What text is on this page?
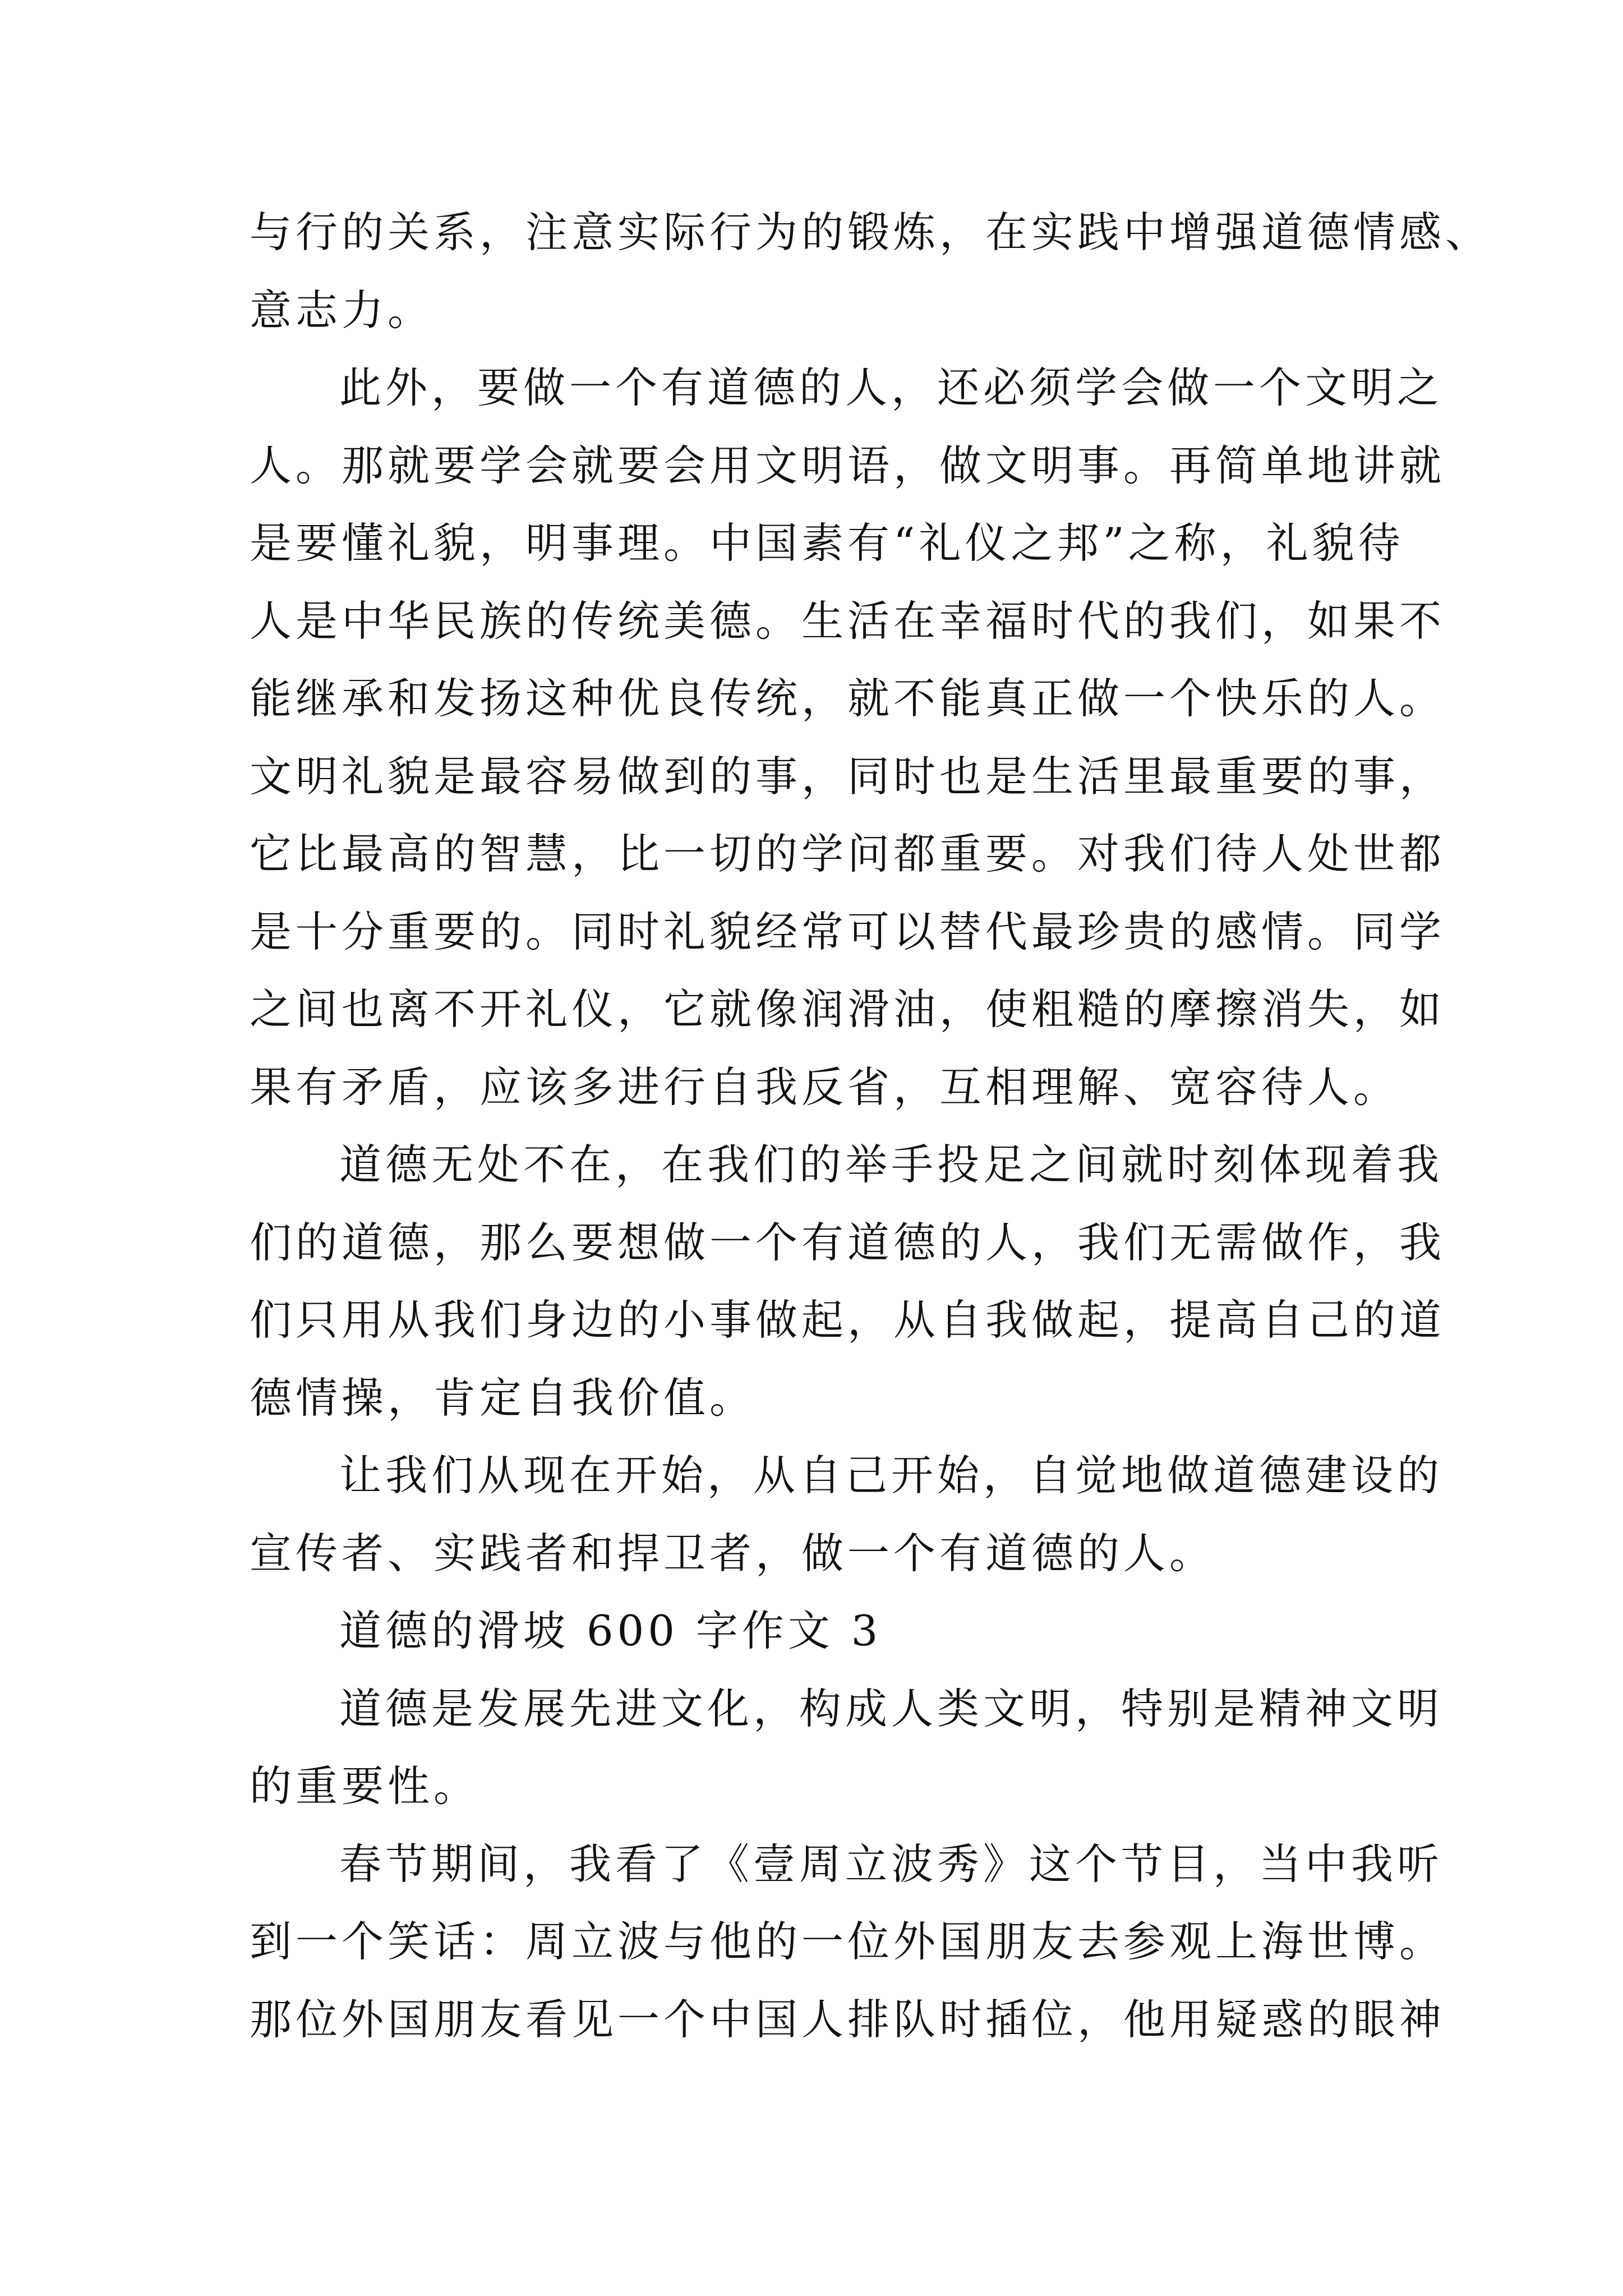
与行的关系，注意实际行为的锻炼，在实践中增强道德情感、
意志力。
此外，要做一个有道德的人，还必须学会做一个文明之
人。那就要学会就要会用文明语，做文明事。再简单地讲就
是要懂礼貌，明事理。中国素有“礼仪之邦”之称，礼貌待
人是中华民族的传统美德。生活在幸福时代的我们，如果不
能继承和发扬这种优良传统，就不能真正做一个快乐的人。
文明礼貌是最容易做到的事，同时也是生活里最重要的事，
它比最高的智慧，比一切的学问都重要。对我们待人处世都
是十分重要的。同时礼貌经常可以替代最珍贵的感情。同学
之间也离不开礼仪，它就像润滑油，使粗糙的摩擦消失，如
果有矛盾，应该多进行自我反省，互相理解、宽容待人。
道德无处不在，在我们的举手投足之间就时刻体现着我
们的道德，那么要想做一个有道德的人，我们无需做作，我
们只用从我们身边的小事做起，从自我做起，提高自己的道
德情操，肯定自我价值。
让我们从现在开始，从自己开始，自觉地做道德建设的
宣传者、实践者和捍卫者，做一个有道德的人。
道德的滑坡 600 字作文 3
道德是发展先进文化，构成人类文明，特别是精神文明
的重要性。
春节期间，我看了《壹周立波秀》这个节目，当中我听
到一个笑话：周立波与他的一位外国朋友去参观上海世博。
那位外国朋友看见一个中国人排队时插位，他用疑惑的眼神
